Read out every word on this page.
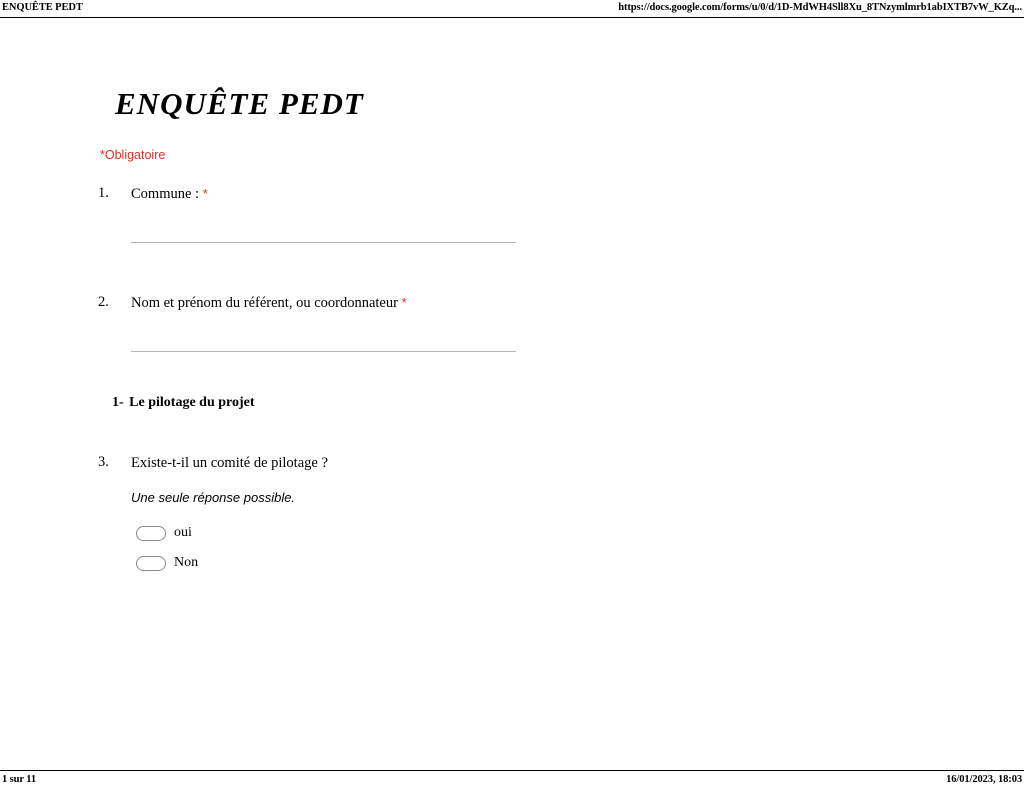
ENQUÊTE PEDT	https://docs.google.com/forms/u/0/d/1D-MdWH4Sll8Xu_8TNzymlmrb1abIXTB7vW_KZq...
ENQUÊTE PEDT
*Obligatoire
1.	Commune : *
2.	Nom et prénom du référent, ou coordonnateur *
1- Le pilotage du projet
3.	Existe-t-il un comité de pilotage ?
Une seule réponse possible.
oui
Non
1 sur 11	16/01/2023, 18:03
